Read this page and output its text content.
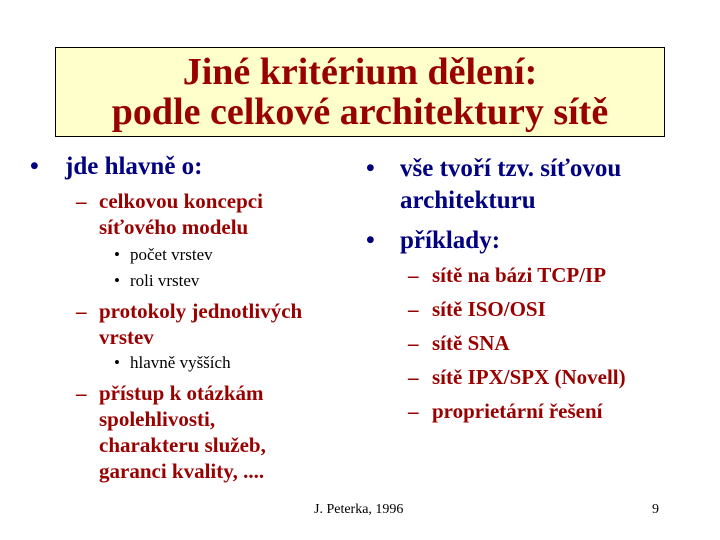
Jiné kritérium dělení:
podle celkové architektury sítě
• jde hlavně o:
– celkovou koncepci
síťového modelu
• počet vrstev
• roli vrstev
– protokoly jednotlivých
vrstev
• hlavně vyšších
– přístup k otázkám
spolehlivosti,
charakteru služeb,
garanci kvality, ....
• vše tvoří tzv. síťovou
architekturu
• příklady:
– sítě na bázi TCP/IP
– sítě ISO/OSI
– sítě SNA
– sítě IPX/SPX (Novell)
– proprietární řešení
J. Peterka, 1996	9
